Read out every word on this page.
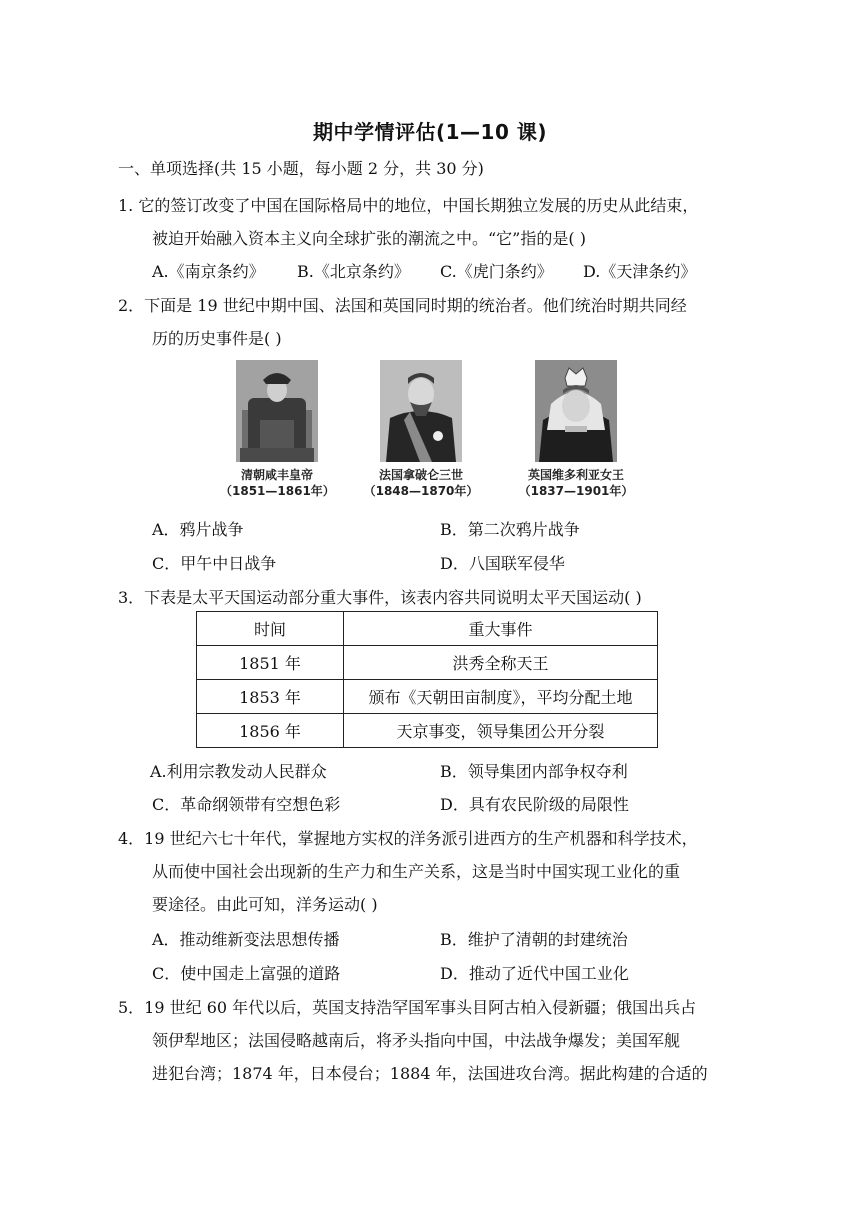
期中学情评估(1—10 课)
一、单项选择(共 15 小题，每小题 2 分，共 30 分)
1. 它的签订改变了中国在国际格局中的地位，中国长期独立发展的历史从此结束，
被迫开始融入资本主义向全球扩张的潮流之中。“它”指的是( )
A.《南京条约》 B.《北京条约》 C.《虎门条约》 D.《天津条约》
2．下面是 19 世纪中期中国、法国和英国同时期的统治者。他们统治时期共同经
历的历史事件是( )
清朝咸丰皇帝
（1851—1861年）
法国拿破仑三世
（1848—1870年）
英国维多利亚女王
（1837—1901年）
A．鸦片战争	B．第二次鸦片战争
C．甲午中日战争	D．八国联军侵华
3．下表是太平天国运动部分重大事件，该表内容共同说明太平天国运动( )
时间	重大事件
1851 年	洪秀全称天王
1853 年	颁布《天朝田亩制度》，平均分配土地
1856 年	天京事变，领导集团公开分裂
A.利用宗教发动人民群众	B．领导集团内部争权夺利
C．革命纲领带有空想色彩	D．具有农民阶级的局限性
4．19 世纪六七十年代，掌握地方实权的洋务派引进西方的生产机器和科学技术，
从而使中国社会出现新的生产力和生产关系，这是当时中国实现工业化的重
要途径。由此可知，洋务运动( )
A．推动维新变法思想传播	B．维护了清朝的封建统治
C．使中国走上富强的道路	D．推动了近代中国工业化
5．19 世纪 60 年代以后，英国支持浩罕国军事头目阿古柏入侵新疆；俄国出兵占
领伊犁地区；法国侵略越南后，将矛头指向中国，中法战争爆发；美国军舰
进犯台湾；1874 年，日本侵台；1884 年，法国进攻台湾。据此构建的合适的
